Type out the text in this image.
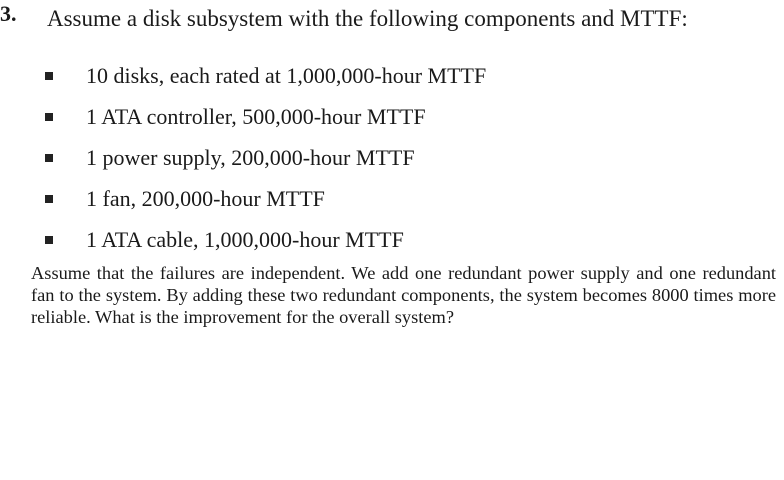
3. Assume a disk subsystem with the following components and MTTF:
10 disks, each rated at 1,000,000-hour MTTF
1 ATA controller, 500,000-hour MTTF
1 power supply, 200,000-hour MTTF
1 fan, 200,000-hour MTTF
1 ATA cable, 1,000,000-hour MTTF
Assume that the failures are independent. We add one redundant power supply and one redundant fan to the system. By adding these two redundant components, the system becomes 8000 times more reliable. What is the improvement for the overall system?
